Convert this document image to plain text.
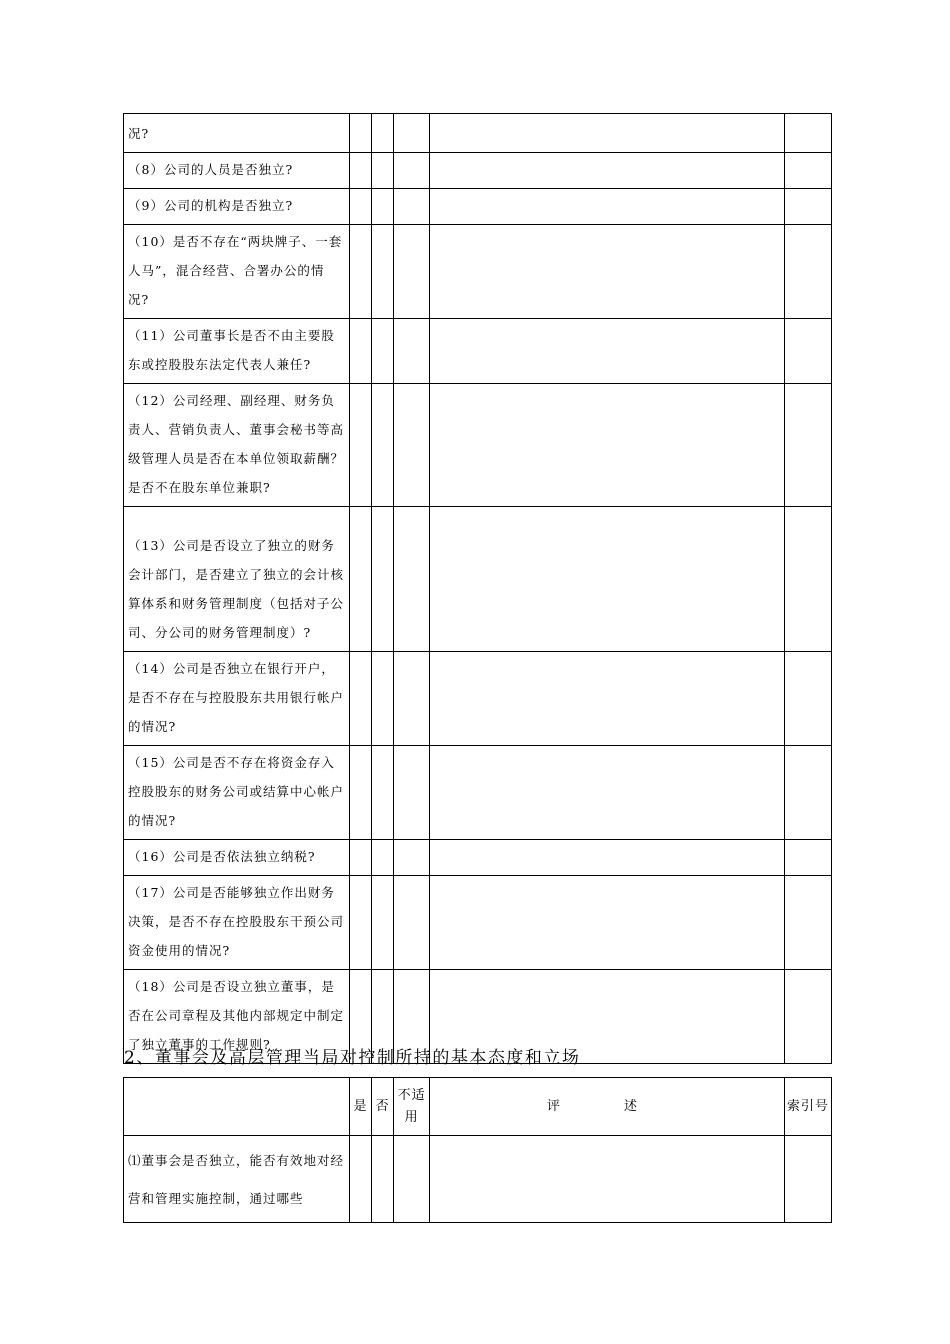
况?					
（8）公司的人员是否独立?					
（9）公司的机构是否独立?					
（10）是否不存在“两块牌子、一套人马”，混合经营、合署办公的情况?					
（11）公司董事长是否不由主要股东或控股股东法定代表人兼任?					
（12）公司经理、副经理、财务负责人、营销负责人、董事会秘书等高级管理人员是否在本单位领取薪酬？是否不在股东单位兼职?					
（13）公司是否设立了独立的财务会计部门，是否建立了独立的会计核算体系和财务管理制度（包括对子公司、分公司的财务管理制度）?					
（14）公司是否独立在银行开户，是否不存在与控股股东共用银行帐户的情况?					
（15）公司是否不存在将资金存入控股股东的财务公司或结算中心帐户的情况?					
（16）公司是否依法独立纳税?					
（17）公司是否能够独立作出财务决策，是否不存在控股股东干预公司资金使用的情况?					
（18）公司是否设立独立董事，是否在公司章程及其他内部规定中制定了独立董事的工作规则?					
2、董事会及高层管理当局对控制所持的基本态度和立场
	是	否	不适用	评 述	索引号
⑴董事会是否独立，能否有效地对经营和管理实施控制，通过哪些					
